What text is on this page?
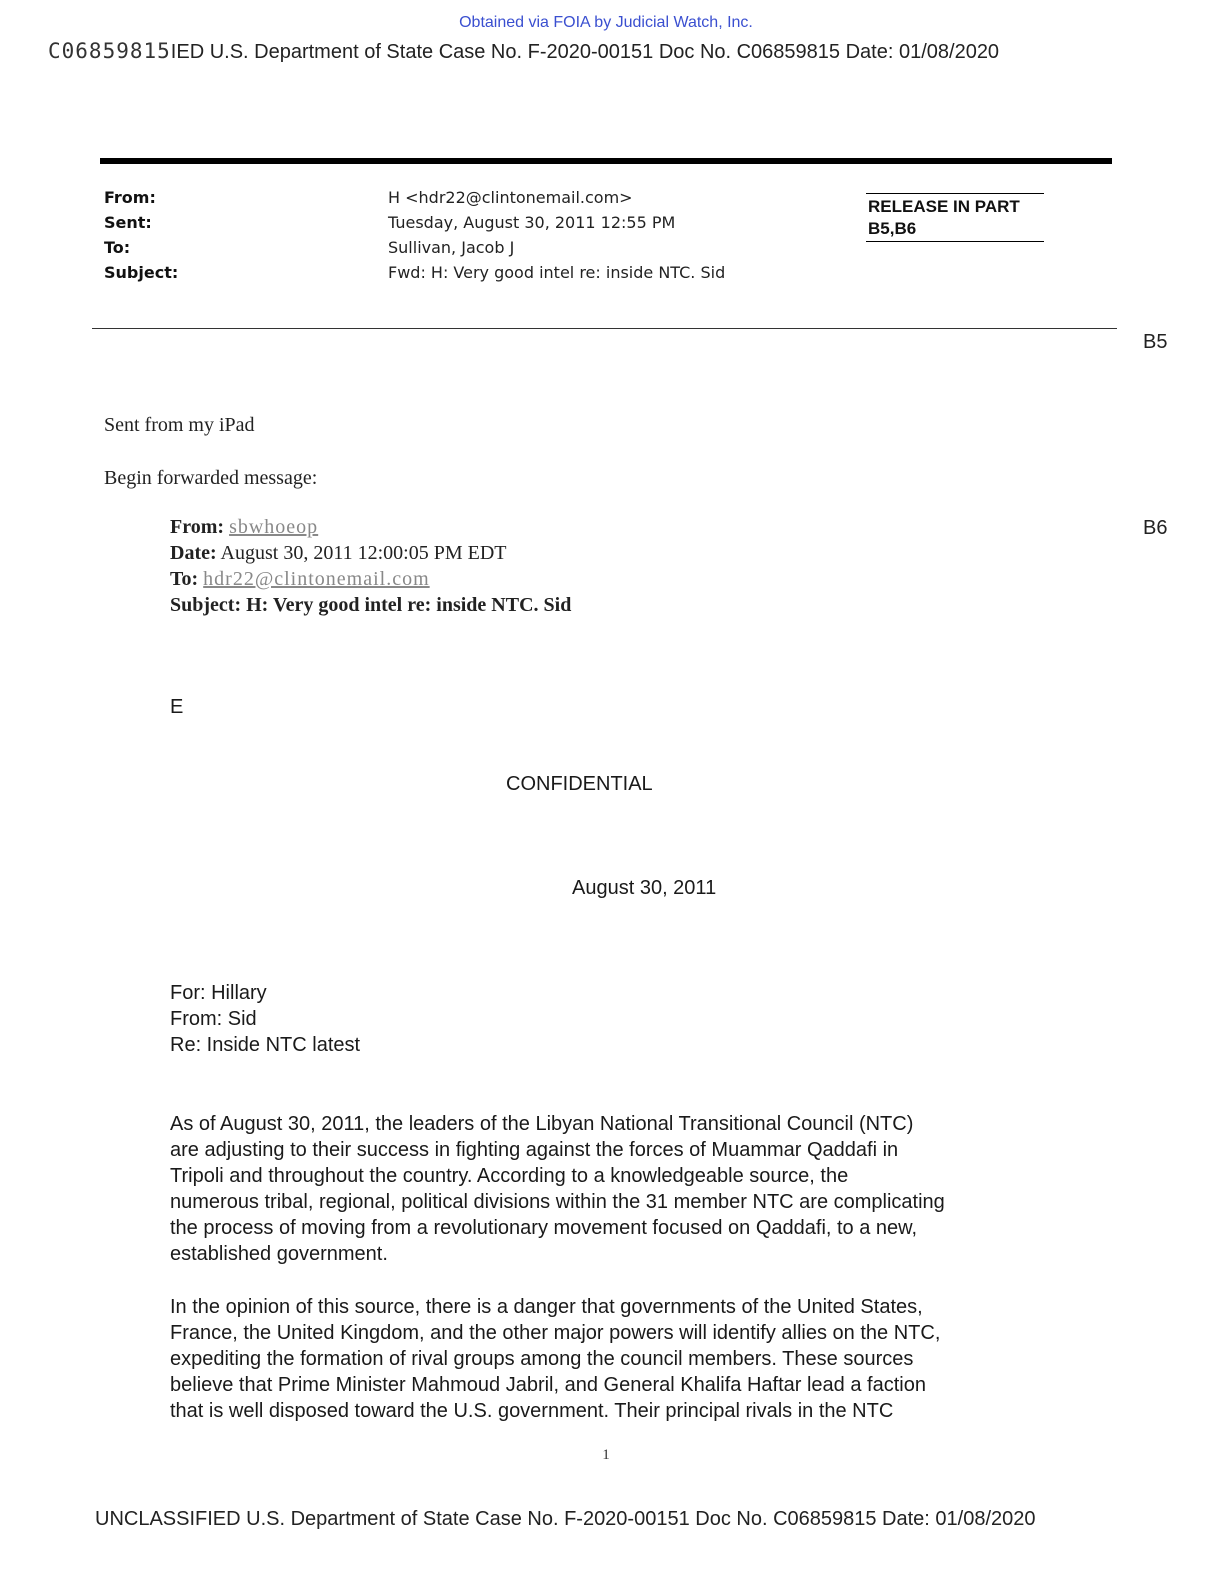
Obtained via FOIA by Judicial Watch, Inc.
C06859815IED U.S. Department of State Case No. F-2020-00151 Doc No. C06859815 Date: 01/08/2020
From:	H <hdr22@clintonemail.com>
Sent:	Tuesday, August 30, 2011 12:55 PM
To:	Sullivan, Jacob J
Subject:	Fwd: H: Very good intel re: inside NTC. Sid
RELEASE IN PART
B5,B6
B5
B6
Sent from my iPad
Begin forwarded message:
From: sbwhoeop
Date: August 30, 2011 12:00:05 PM EDT
To: hdr22@clintonemail.com
Subject: H: Very good intel re: inside NTC. Sid
E
CONFIDENTIAL
August 30, 2011
For: Hillary
From: Sid
Re: Inside NTC latest
As of August 30, 2011, the leaders of the Libyan National Transitional Council (NTC)
are adjusting to their success in fighting against the forces of Muammar Qaddafi in
Tripoli and throughout the country. According to a knowledgeable source, the
numerous tribal, regional, political divisions within the 31 member NTC are complicating
the process of moving from a revolutionary movement focused on Qaddafi, to a new,
established government.
In the opinion of this source, there is a danger that governments of the United States,
France, the United Kingdom, and the other major powers will identify allies on the NTC,
expediting the formation of rival groups among the council members. These sources
believe that Prime Minister Mahmoud Jabril, and General Khalifa Haftar lead a faction
that is well disposed toward the U.S. government. Their principal rivals in the NTC
1
UNCLASSIFIED U.S. Department of State Case No. F-2020-00151 Doc No. C06859815 Date: 01/08/2020
